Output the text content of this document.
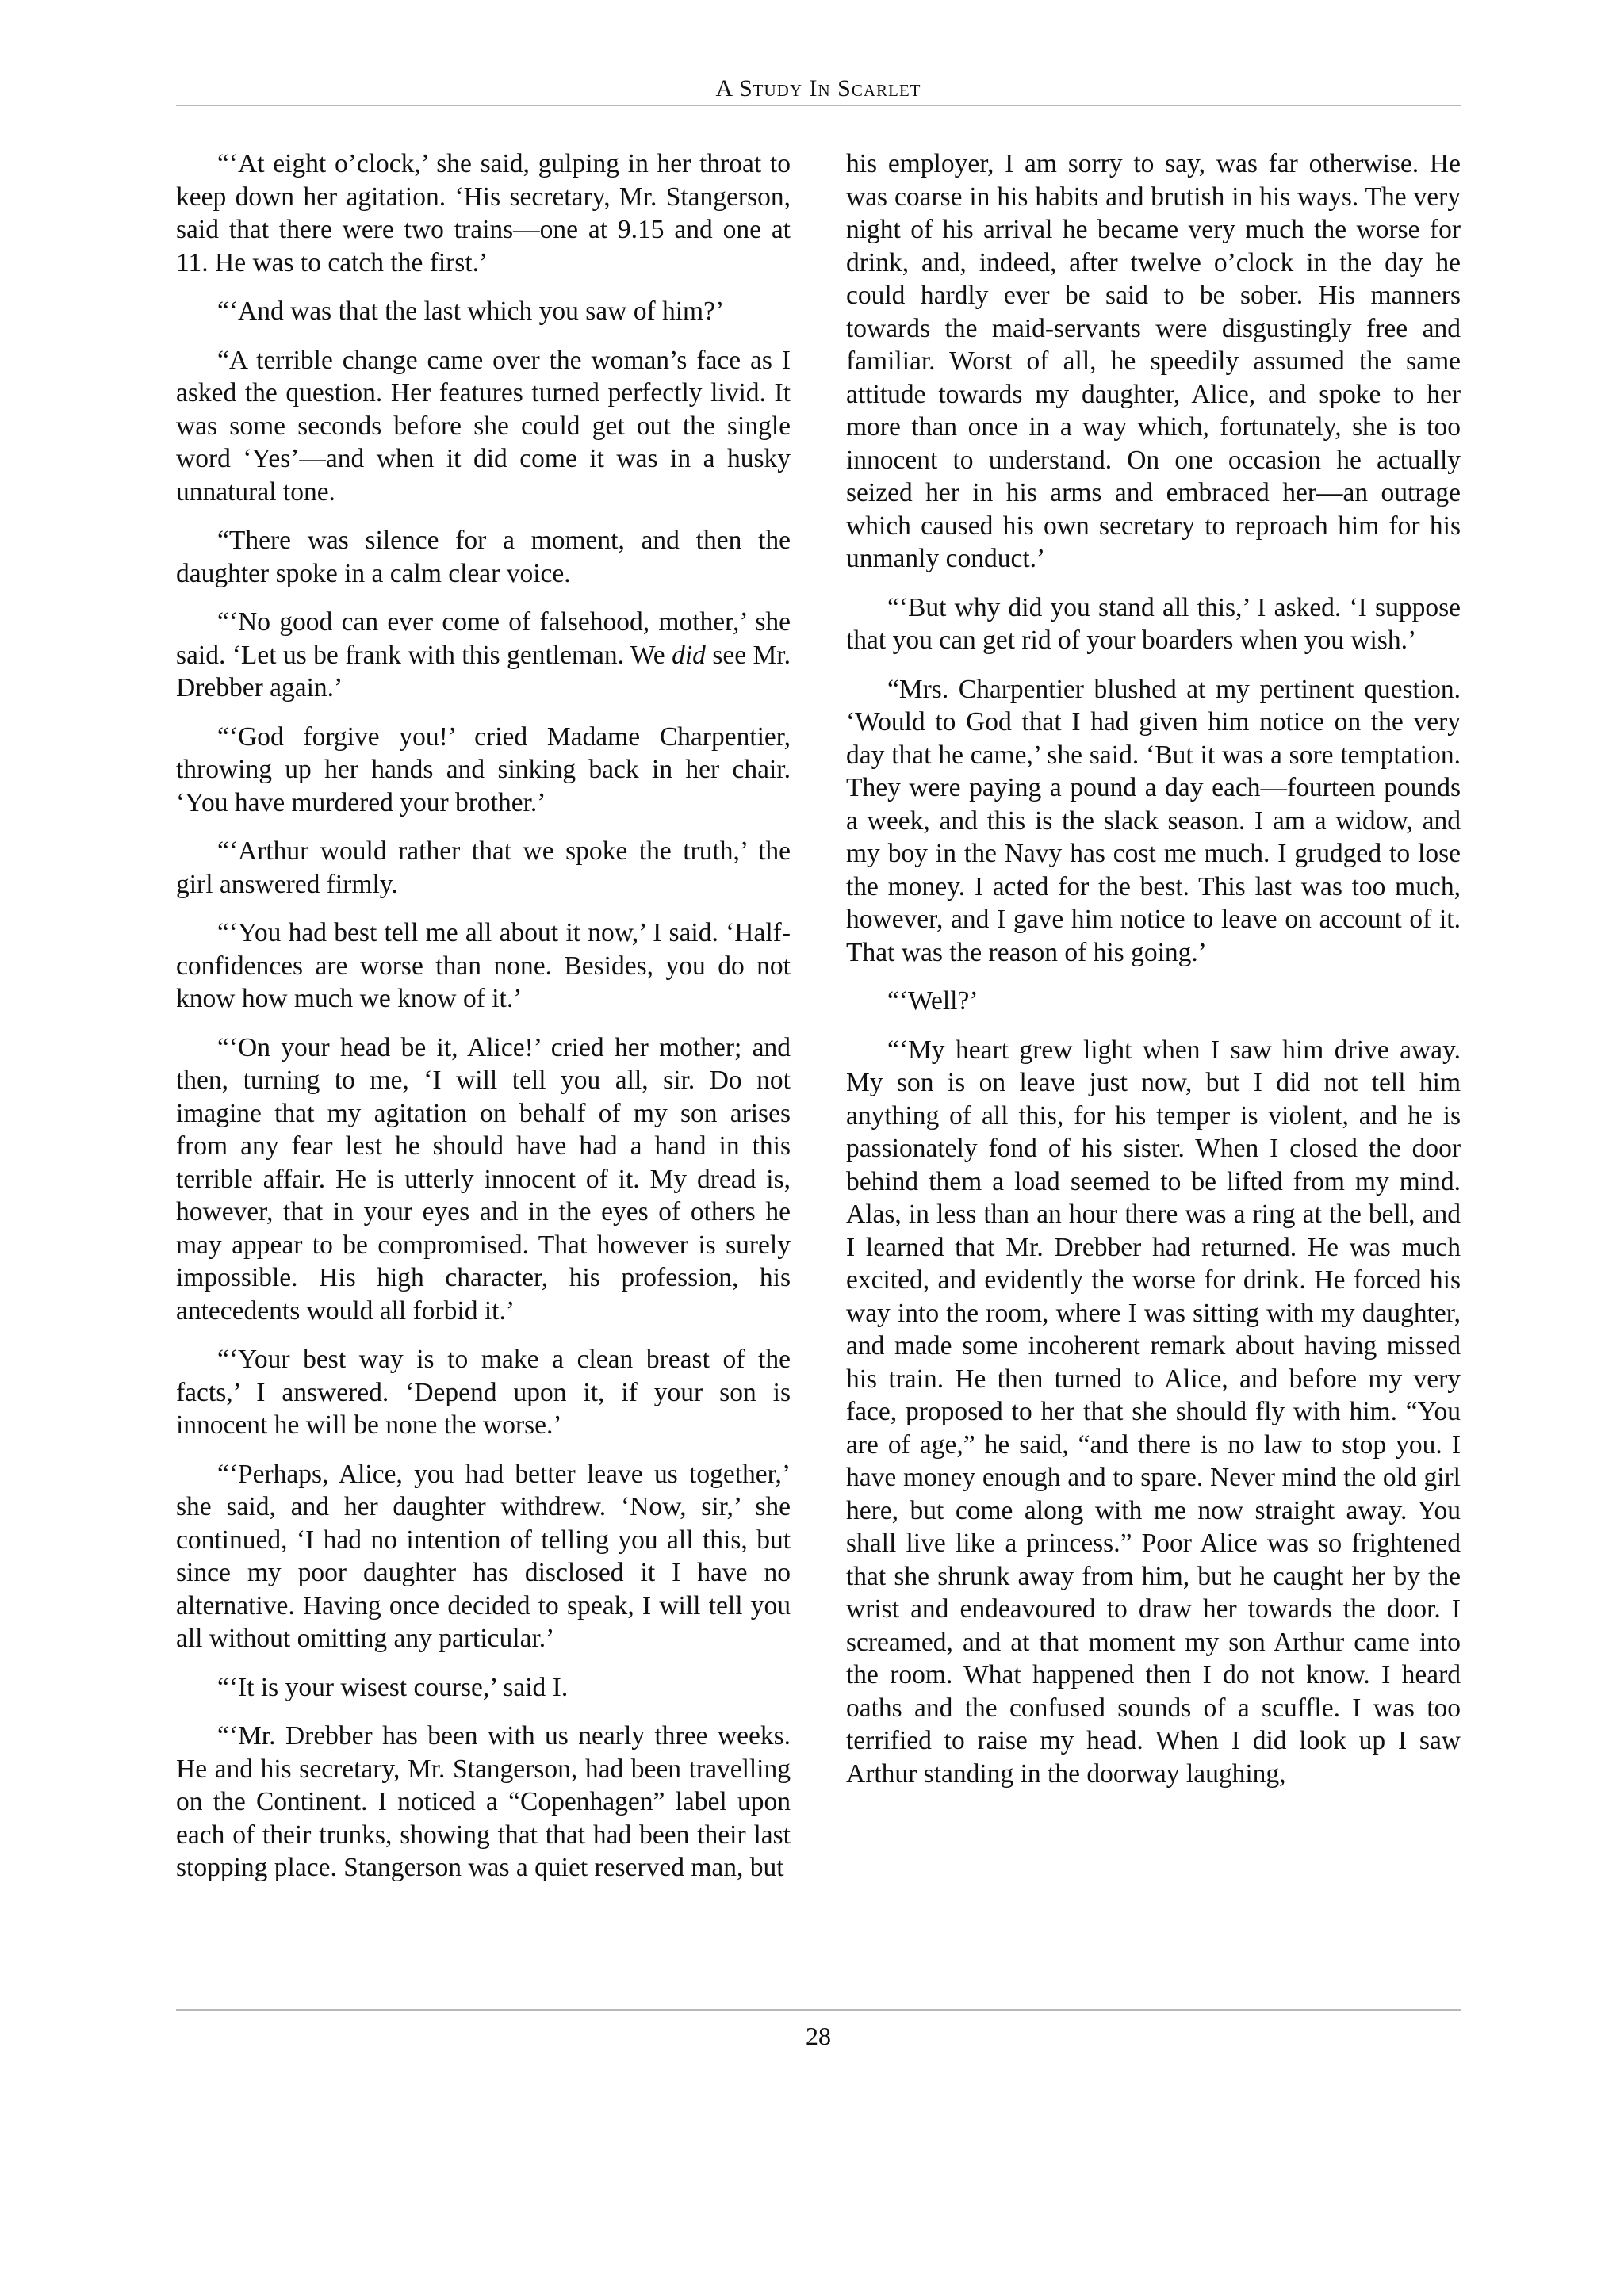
A Study In Scarlet

“‘At eight o’clock,’ she said, gulping in her throat to keep down her agitation. ‘His secretary, Mr. Stangerson, said that there were two trains—one at 9.15 and one at 11. He was to catch the first.’

“‘And was that the last which you saw of him?’

“A terrible change came over the woman’s face as I asked the question. Her features turned perfectly livid. It was some seconds before she could get out the single word ‘Yes’—and when it did come it was in a husky unnatural tone.

“There was silence for a moment, and then the daughter spoke in a calm clear voice.

“‘No good can ever come of falsehood, mother,’ she said. ‘Let us be frank with this gentleman. We did see Mr. Drebber again.’

“‘God forgive you!’ cried Madame Charpentier, throwing up her hands and sinking back in her chair. ‘You have murdered your brother.’

“‘Arthur would rather that we spoke the truth,’ the girl answered firmly.

“‘You had best tell me all about it now,’ I said. ‘Half-confidences are worse than none. Besides, you do not know how much we know of it.’

“‘On your head be it, Alice!’ cried her mother; and then, turning to me, ‘I will tell you all, sir. Do not imagine that my agitation on behalf of my son arises from any fear lest he should have had a hand in this terrible affair. He is utterly innocent of it. My dread is, however, that in your eyes and in the eyes of others he may appear to be compromised. That however is surely impossible. His high character, his profession, his antecedents would all forbid it.’

“‘Your best way is to make a clean breast of the facts,’ I answered. ‘Depend upon it, if your son is innocent he will be none the worse.’

“‘Perhaps, Alice, you had better leave us together,’ she said, and her daughter withdrew. ‘Now, sir,’ she continued, ‘I had no intention of telling you all this, but since my poor daughter has disclosed it I have no alternative. Having once decided to speak, I will tell you all without omitting any particular.’

“‘It is your wisest course,’ said I.

“‘Mr. Drebber has been with us nearly three weeks. He and his secretary, Mr. Stangerson, had been travelling on the Continent. I noticed a “Copenhagen” label upon each of their trunks, showing that that had been their last stopping place. Stangerson was a quiet reserved man, but

his employer, I am sorry to say, was far otherwise. He was coarse in his habits and brutish in his ways. The very night of his arrival he became very much the worse for drink, and, indeed, after twelve o’clock in the day he could hardly ever be said to be sober. His manners towards the maid-servants were disgustingly free and familiar. Worst of all, he speedily assumed the same attitude towards my daughter, Alice, and spoke to her more than once in a way which, fortunately, she is too innocent to understand. On one occasion he actually seized her in his arms and embraced her—an outrage which caused his own secretary to reproach him for his unmanly conduct.’

“‘But why did you stand all this,’ I asked. ‘I suppose that you can get rid of your boarders when you wish.’

“Mrs. Charpentier blushed at my pertinent question. ‘Would to God that I had given him notice on the very day that he came,’ she said. ‘But it was a sore temptation. They were paying a pound a day each—fourteen pounds a week, and this is the slack season. I am a widow, and my boy in the Navy has cost me much. I grudged to lose the money. I acted for the best. This last was too much, however, and I gave him notice to leave on account of it. That was the reason of his going.’

“‘Well?’

“‘My heart grew light when I saw him drive away. My son is on leave just now, but I did not tell him anything of all this, for his temper is violent, and he is passionately fond of his sister. When I closed the door behind them a load seemed to be lifted from my mind. Alas, in less than an hour there was a ring at the bell, and I learned that Mr. Drebber had returned. He was much excited, and evidently the worse for drink. He forced his way into the room, where I was sitting with my daughter, and made some incoherent remark about having missed his train. He then turned to Alice, and before my very face, proposed to her that she should fly with him. “You are of age,” he said, “and there is no law to stop you. I have money enough and to spare. Never mind the old girl here, but come along with me now straight away. You shall live like a princess.” Poor Alice was so frightened that she shrunk away from him, but he caught her by the wrist and endeavoured to draw her towards the door. I screamed, and at that moment my son Arthur came into the room. What happened then I do not know. I heard oaths and the confused sounds of a scuffle. I was too terrified to raise my head. When I did look up I saw Arthur standing in the doorway laughing,

28
